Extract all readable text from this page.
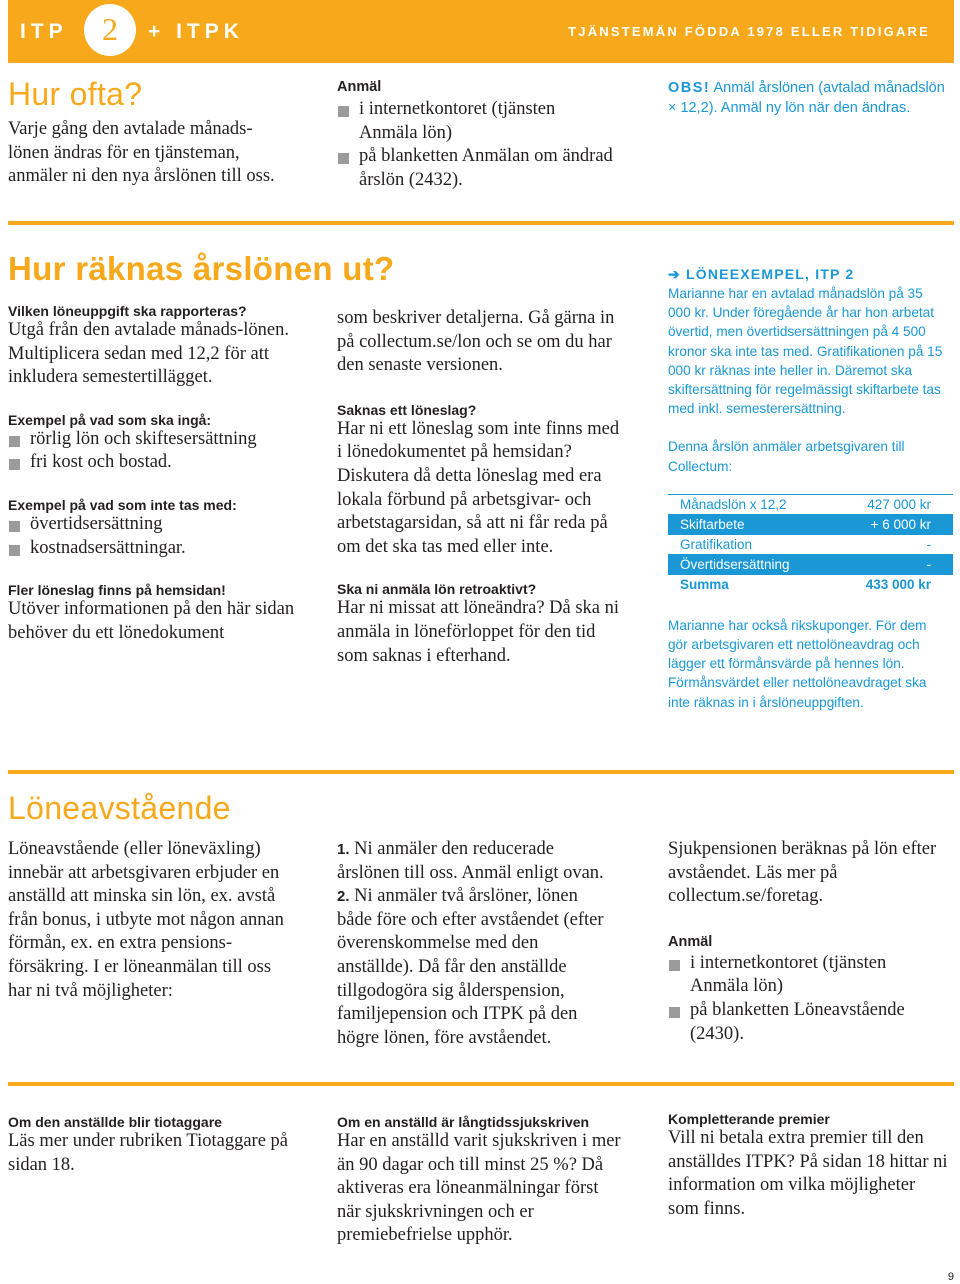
ITP	2	+ ITPK	TJÄNSTEMÄN FÖDDA 1978 ELLER TIDIGARE
Hur ofta?
Varje gång den avtalade månads-lönen ändras för en tjänsteman, anmäler ni den nya årslönen till oss.
Anmäl
i internetkontoret (tjänsten Anmäla lön)
på blanketten Anmälan om ändrad årslön (2432).
OBS! Anmäl årslönen (avtalad månadslön × 12,2). Anmäl ny lön när den ändras.
Hur räknas årslönen ut?
Vilken löneuppgift ska rapporteras?
Utgå från den avtalade månads-lönen. Multiplicera sedan med 12,2 för att inkludera semestertillägget.
Exempel på vad som ska ingå:
rörlig lön och skiftesersättning
fri kost och bostad.
Exempel på vad som inte tas med:
övertidsersättning
kostnadsersättningar.
Fler löneslag finns på hemsidan!
Utöver informationen på den här sidan behöver du ett lönedokument
som beskriver detaljerna. Gå gärna in på collectum.se/lon och se om du har den senaste versionen.
Saknas ett löneslag?
Har ni ett löneslag som inte finns med i lönedokumentet på hemsidan? Diskutera då detta löneslag med era lokala förbund på arbetsgivar- och arbetstagarsidan, så att ni får reda på om det ska tas med eller inte.
Ska ni anmäla lön retroaktivt?
Har ni missat att löneändra? Då ska ni anmäla in löneförloppet för den tid som saknas i efterhand.
➔ LÖNEEXEMPEL, ITP 2
Marianne har en avtalad månadslön på 35 000 kr. Under föregående år har hon arbetat övertid, men övertidsersättningen på 4 500 kronor ska inte tas med. Gratifikationen på 15 000 kr räknas inte heller in. Däremot ska skiftersättning för regelmässigt skiftarbete tas med inkl. semesterersättning.
Denna årslön anmäler arbetsgivaren till Collectum:
Månadslön x 12,2	427 000 kr
Skiftarbete	+ 6 000 kr
Gratifikation	-
Övertidsersättning	-
Summa	433 000 kr
Marianne har också rikskuponger. För dem gör arbetsgivaren ett nettolöneavdrag och lägger ett förmånsvärde på hennes lön. Förmånsvärdet eller nettolöneavdraget ska inte räknas in i årslöneuppgiften.
Löneavstående
Löneavstående (eller löneväxling) innebär att arbetsgivaren erbjuder en anställd att minska sin lön, ex. avstå från bonus, i utbyte mot någon annan förmån, ex. en extra pensions-försäkring. I er löneanmälan till oss har ni två möjligheter:
1. Ni anmäler den reducerade årslönen till oss. Anmäl enligt ovan.
2. Ni anmäler två årslöner, lönen både före och efter avståendet (efter överenskommelse med den anställde). Då får den anställde tillgodogöra sig ålderspension, familjepension och ITPK på den högre lönen, före avståendet.
Sjukpensionen beräknas på lön efter avståendet. Läs mer på collectum.se/foretag.
Anmäl
i internetkontoret (tjänsten Anmäla lön)
på blanketten Löneavstående (2430).
Om den anställde blir tiotaggare
Läs mer under rubriken Tiotaggare på sidan 18.
Om en anställd är långtidssjukskriven
Har en anställd varit sjukskriven i mer än 90 dagar och till minst 25 %? Då aktiveras era löneanmälningar först när sjukskrivningen och er premiebefrielse upphör.
Kompletterande premier
Vill ni betala extra premier till den anställdes ITPK? På sidan 18 hittar ni information om vilka möjligheter som finns.
9
